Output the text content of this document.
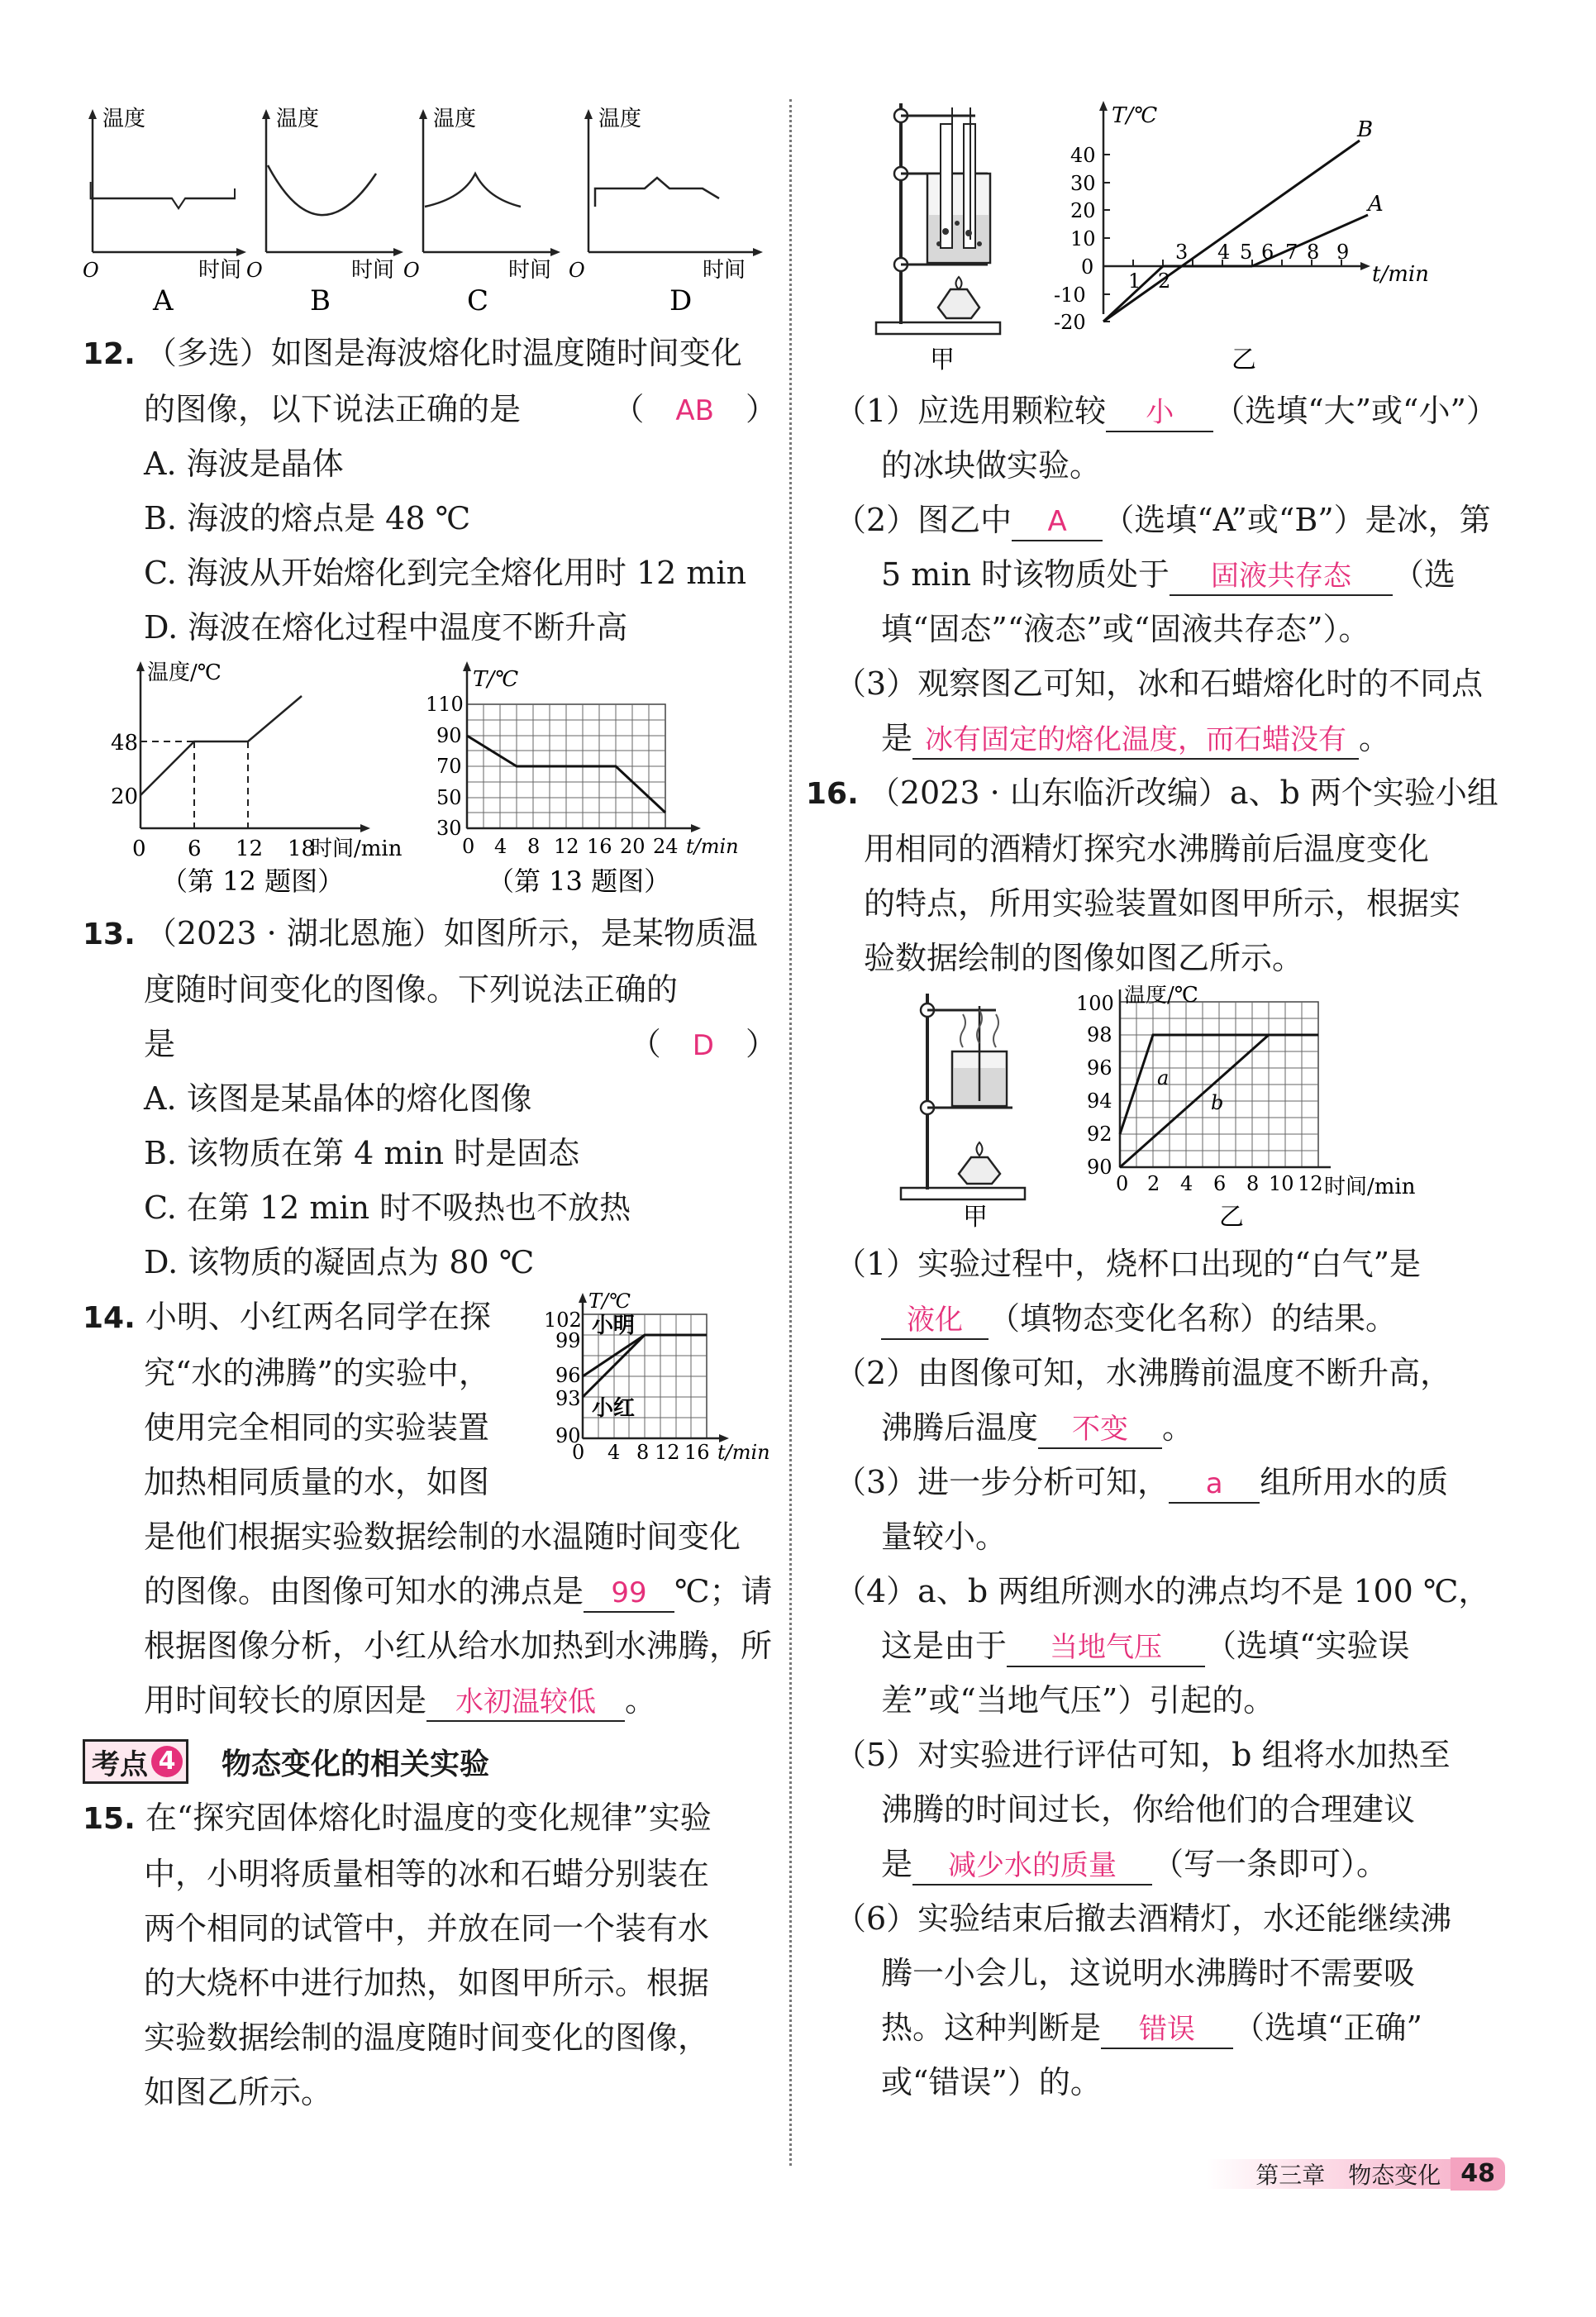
温度
O	时间
A
温度
O	时间
B
温度
O	时间
C
温度
O	时间
D

12. （多选）如图是海波熔化时温度随时间变化

的图像，以下说法正确的是	（　AB　）

A. 海波是晶体

B. 海波的熔点是 48 ℃

C. 海波从开始熔化到完全熔化用时 12 min

D. 海波在熔化过程中温度不断升高

温度/℃
48
20
0 6 12 18
时间/min
（第 12 题图）
T/℃
110
90
70
50
30
0 4 8 12 16 20 24 t/min
（第 13 题图）

13. （2023 · 湖北恩施）如图所示，是某物质温

度随时间变化的图像。下列说法正确的

是	（　D　）

A. 该图是某晶体的熔化图像

B. 该物质在第 4 min 时是固态

C. 在第 12 min 时不吸热也不放热

D. 该物质的凝固点为 80 ℃

14. 小明、小红两名同学在探

究“水的沸腾”的实验中，

使用完全相同的实验装置

加热相同质量的水，如图

T/℃
102
99
96
93
90
0 4 8 12 16 t/min
小明
小红

是他们根据实验数据绘制的水温随时间变化

的图像。由图像可知水的沸点是 99 ℃；请

根据图像分析，小红从给水加热到水沸腾，所

用时间较长的原因是 水初温较低 。

考点 4 物态变化的相关实验

15. 在“探究固体熔化时温度的变化规律”实验

中，小明将质量相等的冰和石蜡分别装在

两个相同的试管中，并放在同一个装有水

的大烧杯中进行加热，如图甲所示。根据

实验数据绘制的温度随时间变化的图像，

如图乙所示。

甲
T/℃
40
30
20
10
0
-10
-20
1 2
3 4 5 6 7 8 9
t/min
B
A
乙

（1）应选用颗粒较 小 （选填“大”或“小”）

的冰块做实验。

（2）图乙中 A （选填“A”或“B”）是冰，第

5 min 时该物质处于 固液共存态 （选

填“固态”“液态”或“固液共存态”）。

（3）观察图乙可知，冰和石蜡熔化时的不同点

是 冰有固定的熔化温度，而石蜡没有 。

16. （2023 · 山东临沂改编）a、b 两个实验小组

用相同的酒精灯探究水沸腾前后温度变化

的特点，所用实验装置如图甲所示，根据实

验数据绘制的图像如图乙所示。

甲
温度/℃
100
98
96
94
92
90
0 2 4 6 8 10 12 时间/min
a
b
乙

（1）实验过程中，烧杯口出现的“白气”是

液化 （填物态变化名称）的结果。

（2）由图像可知，水沸腾前温度不断升高，

沸腾后温度 不变 。

（3）进一步分析可知， a 组所用水的质

量较小。

（4）a、b 两组所测水的沸点均不是 100 ℃，

这是由于 当地气压 （选填“实验误

差”或“当地气压”）引起的。

（5）对实验进行评估可知，b 组将水加热至

沸腾的时间过长，你给他们的合理建议

是 减少水的质量 （写一条即可）。

（6）实验结束后撤去酒精灯，水还能继续沸

腾一小会儿，这说明水沸腾时不需要吸

热。这种判断是 错误 （选填“正确”

或“错误”）的。

第三章　物态变化 48
